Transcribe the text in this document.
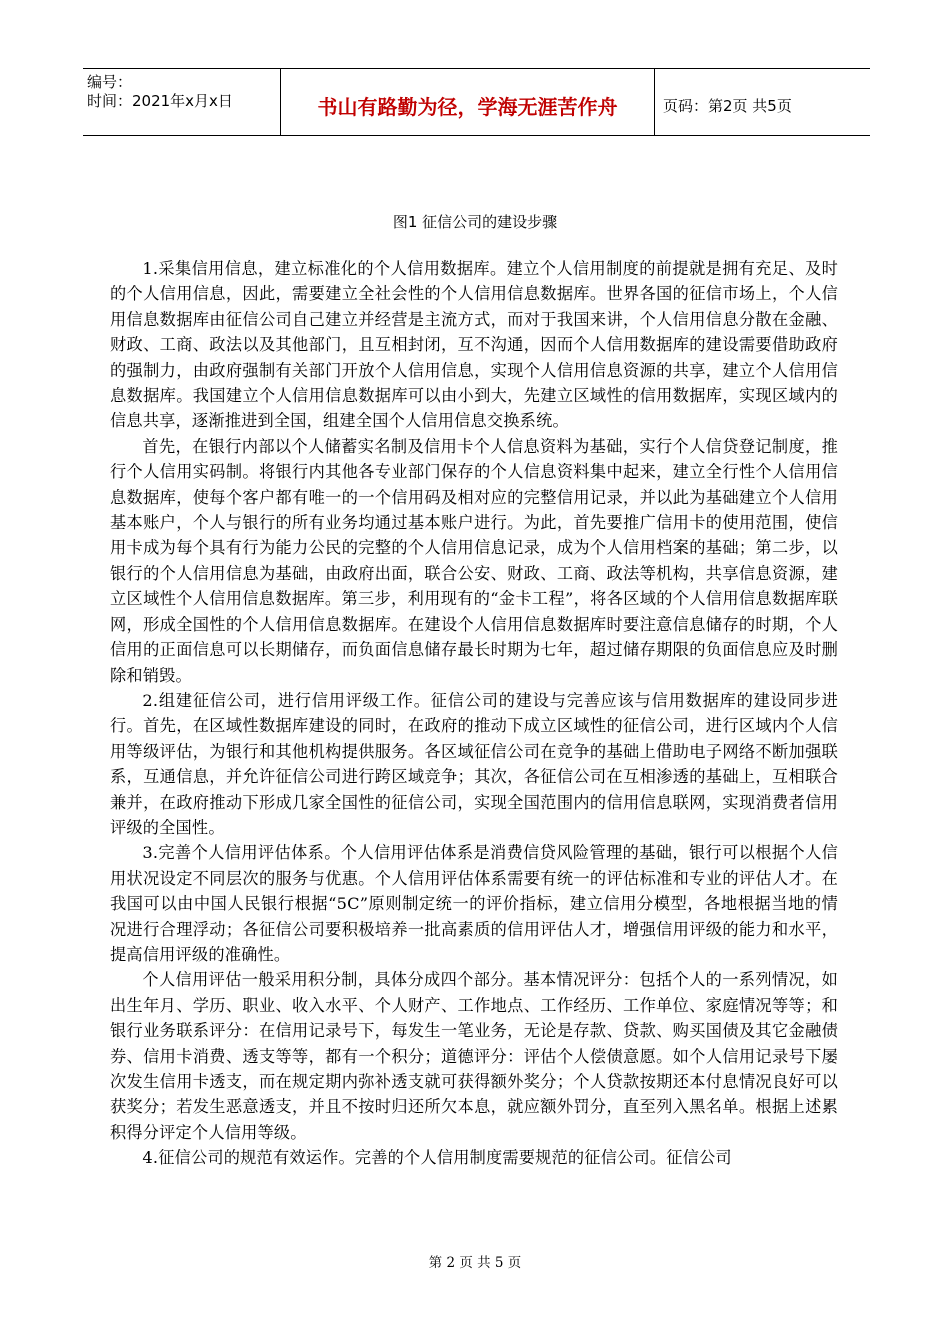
编号：
时间：2021年x月x日	书山有路勤为径，学海无涯苦作舟	页码：第2页 共5页
图1 征信公司的建设步骤

1.采集信用信息，建立标准化的个人信用数据库。建立个人信用制度的前提就是拥有充足、及时的个人信用信息，因此，需要建立全社会性的个人信用信息数据库。世界各国的征信市场上，个人信用信息数据库由征信公司自己建立并经营是主流方式，而对于我国来讲，个人信用信息分散在金融、财政、工商、政法以及其他部门，且互相封闭，互不沟通，因而个人信用数据库的建设需要借助政府的强制力，由政府强制有关部门开放个人信用信息，实现个人信用信息资源的共享，建立个人信用信息数据库。我国建立个人信用信息数据库可以由小到大，先建立区域性的信用数据库，实现区域内的信息共享，逐渐推进到全国，组建全国个人信用信息交换系统。

首先，在银行内部以个人储蓄实名制及信用卡个人信息资料为基础，实行个人信贷登记制度，推行个人信用实码制。将银行内其他各专业部门保存的个人信息资料集中起来，建立全行性个人信用信息数据库，使每个客户都有唯一的一个信用码及相对应的完整信用记录，并以此为基础建立个人信用基本账户，个人与银行的所有业务均通过基本账户进行。为此，首先要推广信用卡的使用范围，使信用卡成为每个具有行为能力公民的完整的个人信用信息记录，成为个人信用档案的基础；第二步，以银行的个人信用信息为基础，由政府出面，联合公安、财政、工商、政法等机构，共享信息资源，建立区域性个人信用信息数据库。第三步，利用现有的“金卡工程”，将各区域的个人信用信息数据库联网，形成全国性的个人信用信息数据库。在建设个人信用信息数据库时要注意信息储存的时期，个人信用的正面信息可以长期储存，而负面信息储存最长时期为七年，超过储存期限的负面信息应及时删除和销毁。

2.组建征信公司，进行信用评级工作。征信公司的建设与完善应该与信用数据库的建设同步进行。首先，在区域性数据库建设的同时，在政府的推动下成立区域性的征信公司，进行区域内个人信用等级评估，为银行和其他机构提供服务。各区域征信公司在竞争的基础上借助电子网络不断加强联系，互通信息，并允许征信公司进行跨区域竞争；其次，各征信公司在互相渗透的基础上，互相联合兼并，在政府推动下形成几家全国性的征信公司，实现全国范围内的信用信息联网，实现消费者信用评级的全国性。

3.完善个人信用评估体系。个人信用评估体系是消费信贷风险管理的基础，银行可以根据个人信用状况设定不同层次的服务与优惠。个人信用评估体系需要有统一的评估标准和专业的评估人才。在我国可以由中国人民银行根据“5C”原则制定统一的评价指标，建立信用分模型，各地根据当地的情况进行合理浮动；各征信公司要积极培养一批高素质的信用评估人才，增强信用评级的能力和水平，提高信用评级的准确性。

个人信用评估一般采用积分制，具体分成四个部分。基本情况评分：包括个人的一系列情况，如出生年月、学历、职业、收入水平、个人财产、工作地点、工作经历、工作单位、家庭情况等等；和银行业务联系评分：在信用记录号下，每发生一笔业务，无论是存款、贷款、购买国债及其它金融债券、信用卡消费、透支等等，都有一个积分；道德评分：评估个人偿债意愿。如个人信用记录号下屡次发生信用卡透支，而在规定期内弥补透支就可获得额外奖分；个人贷款按期还本付息情况良好可以获奖分；若发生恶意透支，并且不按时归还所欠本息，就应额外罚分，直至列入黑名单。根据上述累积得分评定个人信用等级。

4.征信公司的规范有效运作。完善的个人信用制度需要规范的征信公司。征信公司

第 2 页 共 5 页
